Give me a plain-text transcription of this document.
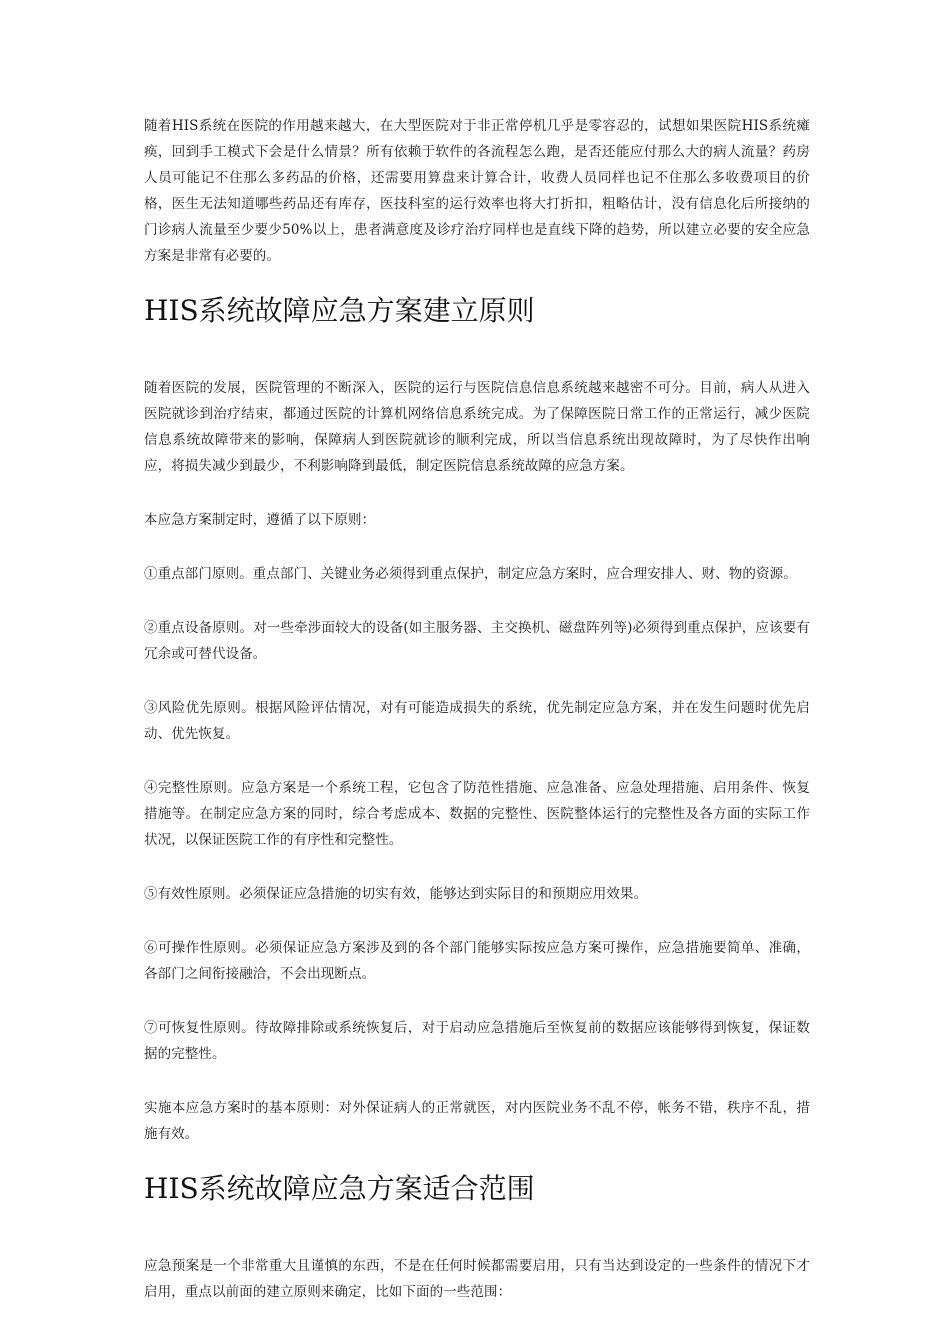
随着HIS系统在医院的作用越来越大，在大型医院对于非正常停机几乎是零容忍的，试想如果医院HIS系统瘫痪，回到手工模式下会是什么情景？所有依赖于软件的各流程怎么跑，是否还能应付那么大的病人流量？药房人员可能记不住那么多药品的价格，还需要用算盘来计算合计，收费人员同样也记不住那么多收费项目的价格，医生无法知道哪些药品还有库存，医技科室的运行效率也将大打折扣，粗略估计，没有信息化后所接纳的门诊病人流量至少要少50%以上，患者满意度及诊疗治疗同样也是直线下降的趋势，所以建立必要的安全应急方案是非常有必要的。

HIS系统故障应急方案建立原则

随着医院的发展，医院管理的不断深入，医院的运行与医院信息信息系统越来越密不可分。目前，病人从进入医院就诊到治疗结束，都通过医院的计算机网络信息系统完成。为了保障医院日常工作的正常运行，减少医院信息系统故障带来的影响，保障病人到医院就诊的顺利完成，所以当信息系统出现故障时，为了尽快作出响应，将损失减少到最少，不利影响降到最低，制定医院信息系统故障的应急方案。

本应急方案制定时，遵循了以下原则：

①重点部门原则。重点部门、关键业务必须得到重点保护，制定应急方案时，应合理安排人、财、物的资源。

②重点设备原则。对一些牵涉面较大的设备(如主服务器、主交换机、磁盘阵列等)必须得到重点保护，应该要有冗余或可替代设备。

③风险优先原则。根据风险评估情况，对有可能造成损失的系统，优先制定应急方案，并在发生问题时优先启动、优先恢复。

④完整性原则。应急方案是一个系统工程，它包含了防范性措施、应急准备、应急处理措施、启用条件、恢复措施等。在制定应急方案的同时，综合考虑成本、数据的完整性、医院整体运行的完整性及各方面的实际工作状况，以保证医院工作的有序性和完整性。

⑤有效性原则。必须保证应急措施的切实有效，能够达到实际目的和预期应用效果。

⑥可操作性原则。必须保证应急方案涉及到的各个部门能够实际按应急方案可操作，应急措施要简单、准确，各部门之间衔接融洽，不会出现断点。

⑦可恢复性原则。待故障排除或系统恢复后，对于启动应急措施后至恢复前的数据应该能够得到恢复，保证数据的完整性。

实施本应急方案时的基本原则：对外保证病人的正常就医，对内医院业务不乱不停，帐务不错，秩序不乱，措施有效。

HIS系统故障应急方案适合范围

应急预案是一个非常重大且谨慎的东西，不是在任何时候都需要启用，只有当达到设定的一些条件的情况下才启用，重点以前面的建立原则来确定，比如下面的一些范围：
